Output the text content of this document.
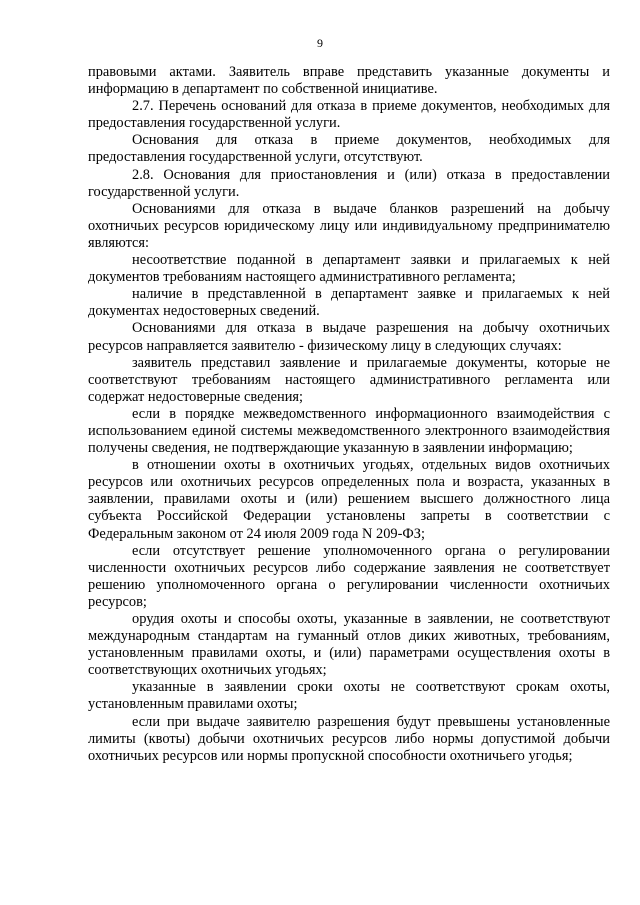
9

правовыми актами. Заявитель вправе представить указанные документы и информацию в департамент по собственной инициативе.

2.7. Перечень оснований для отказа в приеме документов, необходимых для предоставления государственной услуги.

Основания для отказа в приеме документов, необходимых для предоставления государственной услуги, отсутствуют.

2.8. Основания для приостановления и (или) отказа в предоставлении государственной услуги.

Основаниями для отказа в выдаче бланков разрешений на добычу охотничьих ресурсов юридическому лицу или индивидуальному предпринимателю являются:

несоответствие поданной в департамент заявки и прилагаемых к ней документов требованиям настоящего административного регламента;

наличие в представленной в департамент заявке и прилагаемых к ней документах недостоверных сведений.

Основаниями для отказа в выдаче разрешения на добычу охотничьих ресурсов направляется заявителю - физическому лицу в следующих случаях:

заявитель представил заявление и прилагаемые документы, которые не соответствуют требованиям настоящего административного регламента или содержат недостоверные сведения;

если в порядке межведомственного информационного взаимодействия с использованием единой системы межведомственного электронного взаимодействия получены сведения, не подтверждающие указанную в заявлении информацию;

в отношении охоты в охотничьих угодьях, отдельных видов охотничьих ресурсов или охотничьих ресурсов определенных пола и возраста, указанных в заявлении, правилами охоты и (или) решением высшего должностного лица субъекта Российской Федерации установлены запреты в соответствии с Федеральным законом от 24 июля 2009 года N 209-ФЗ;

если отсутствует решение уполномоченного органа о регулировании численности охотничьих ресурсов либо содержание заявления не соответствует решению уполномоченного органа о регулировании численности охотничьих ресурсов;

орудия охоты и способы охоты, указанные в заявлении, не соответствуют международным стандартам на гуманный отлов диких животных, требованиям, установленным правилами охоты, и (или) параметрами осуществления охоты в соответствующих охотничьих угодьях;

указанные в заявлении сроки охоты не соответствуют срокам охоты, установленным правилами охоты;

если при выдаче заявителю разрешения будут превышены установленные лимиты (квоты) добычи охотничьих ресурсов либо нормы допустимой добычи охотничьих ресурсов или нормы пропускной способности охотничьего угодья;
